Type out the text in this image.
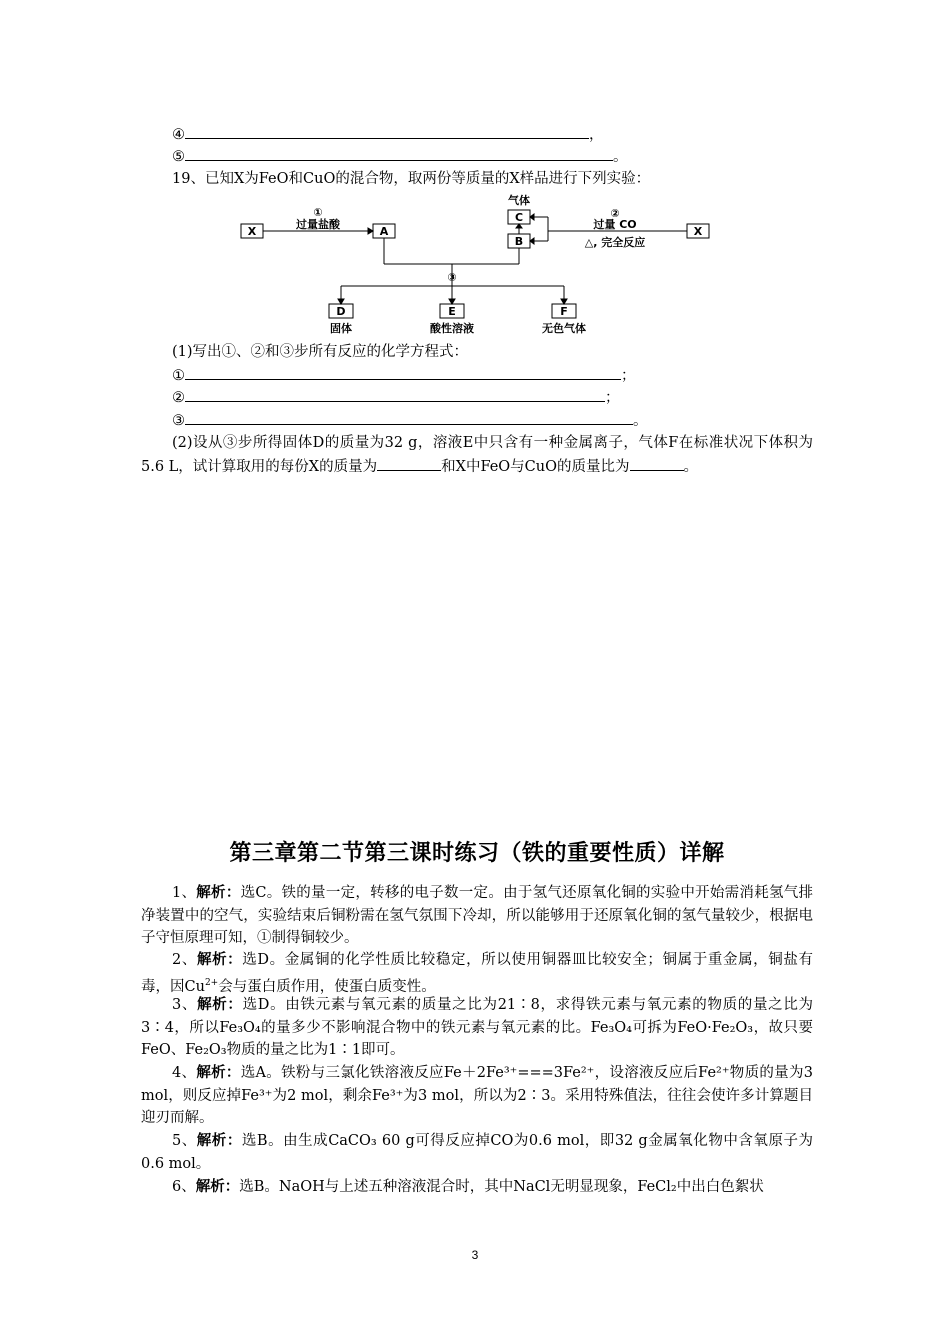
④	，
⑤	。
19、已知X为FeO和CuO的混合物，取两份等质量的X样品进行下列实验：
X
①
过量盐酸
A
气体
C
B
②
过量 CO
△, 完全反应
X
③
D	E	F
固体	酸性溶液	无色气体
(1)写出①、②和③步所有反应的化学方程式：
①	；
②	；
③	。
(2)设从③步所得固体D的质量为32 g，溶液E中只含有一种金属离子，气体F在标准状况下体积为5.6 L，试计算取用的每份X的质量为	和X中FeO与CuO的质量比为	。
第三章第二节第三课时练习（铁的重要性质）详解
1、解析：选C。铁的量一定，转移的电子数一定。由于氢气还原氧化铜的实验中开始需消耗氢气排净装置中的空气，实验结束后铜粉需在氢气氛围下冷却，所以能够用于还原氧化铜的氢气量较少，根据电子守恒原理可知，①制得铜较少。
2、解析：选D。金属铜的化学性质比较稳定，所以使用铜器皿比较安全；铜属于重金属，铜盐有毒，因$Cu^{2+}$会与蛋白质作用，使蛋白质变性。
3、解析：选D。由铁元素与氧元素的质量之比为21∶8，求得铁元素与氧元素的物质的量之比为3∶4，所以Fe₃O₄的量多少不影响混合物中的铁元素与氧元素的比。Fe₃O₄可拆为FeO·Fe₂O₃，故只要FeO、Fe₂O₃物质的量之比为1∶1即可。
4、解析：选A。铁粉与三氯化铁溶液反应Fe＋2Fe³⁺===3Fe²⁺，设溶液反应后Fe²⁺物质的量为3 mol，则反应掉Fe³⁺为2 mol，剩余Fe³⁺为3 mol，所以为2∶3。采用特殊值法，往往会使许多计算题目迎刃而解。
5、解析：选B。由生成CaCO₃ 60 g可得反应掉CO为0.6 mol，即32 g金属氧化物中含氧原子为0.6 mol。
6、解析：选B。NaOH与上述五种溶液混合时，其中NaCl无明显现象，FeCl₂中出白色絮状
3
